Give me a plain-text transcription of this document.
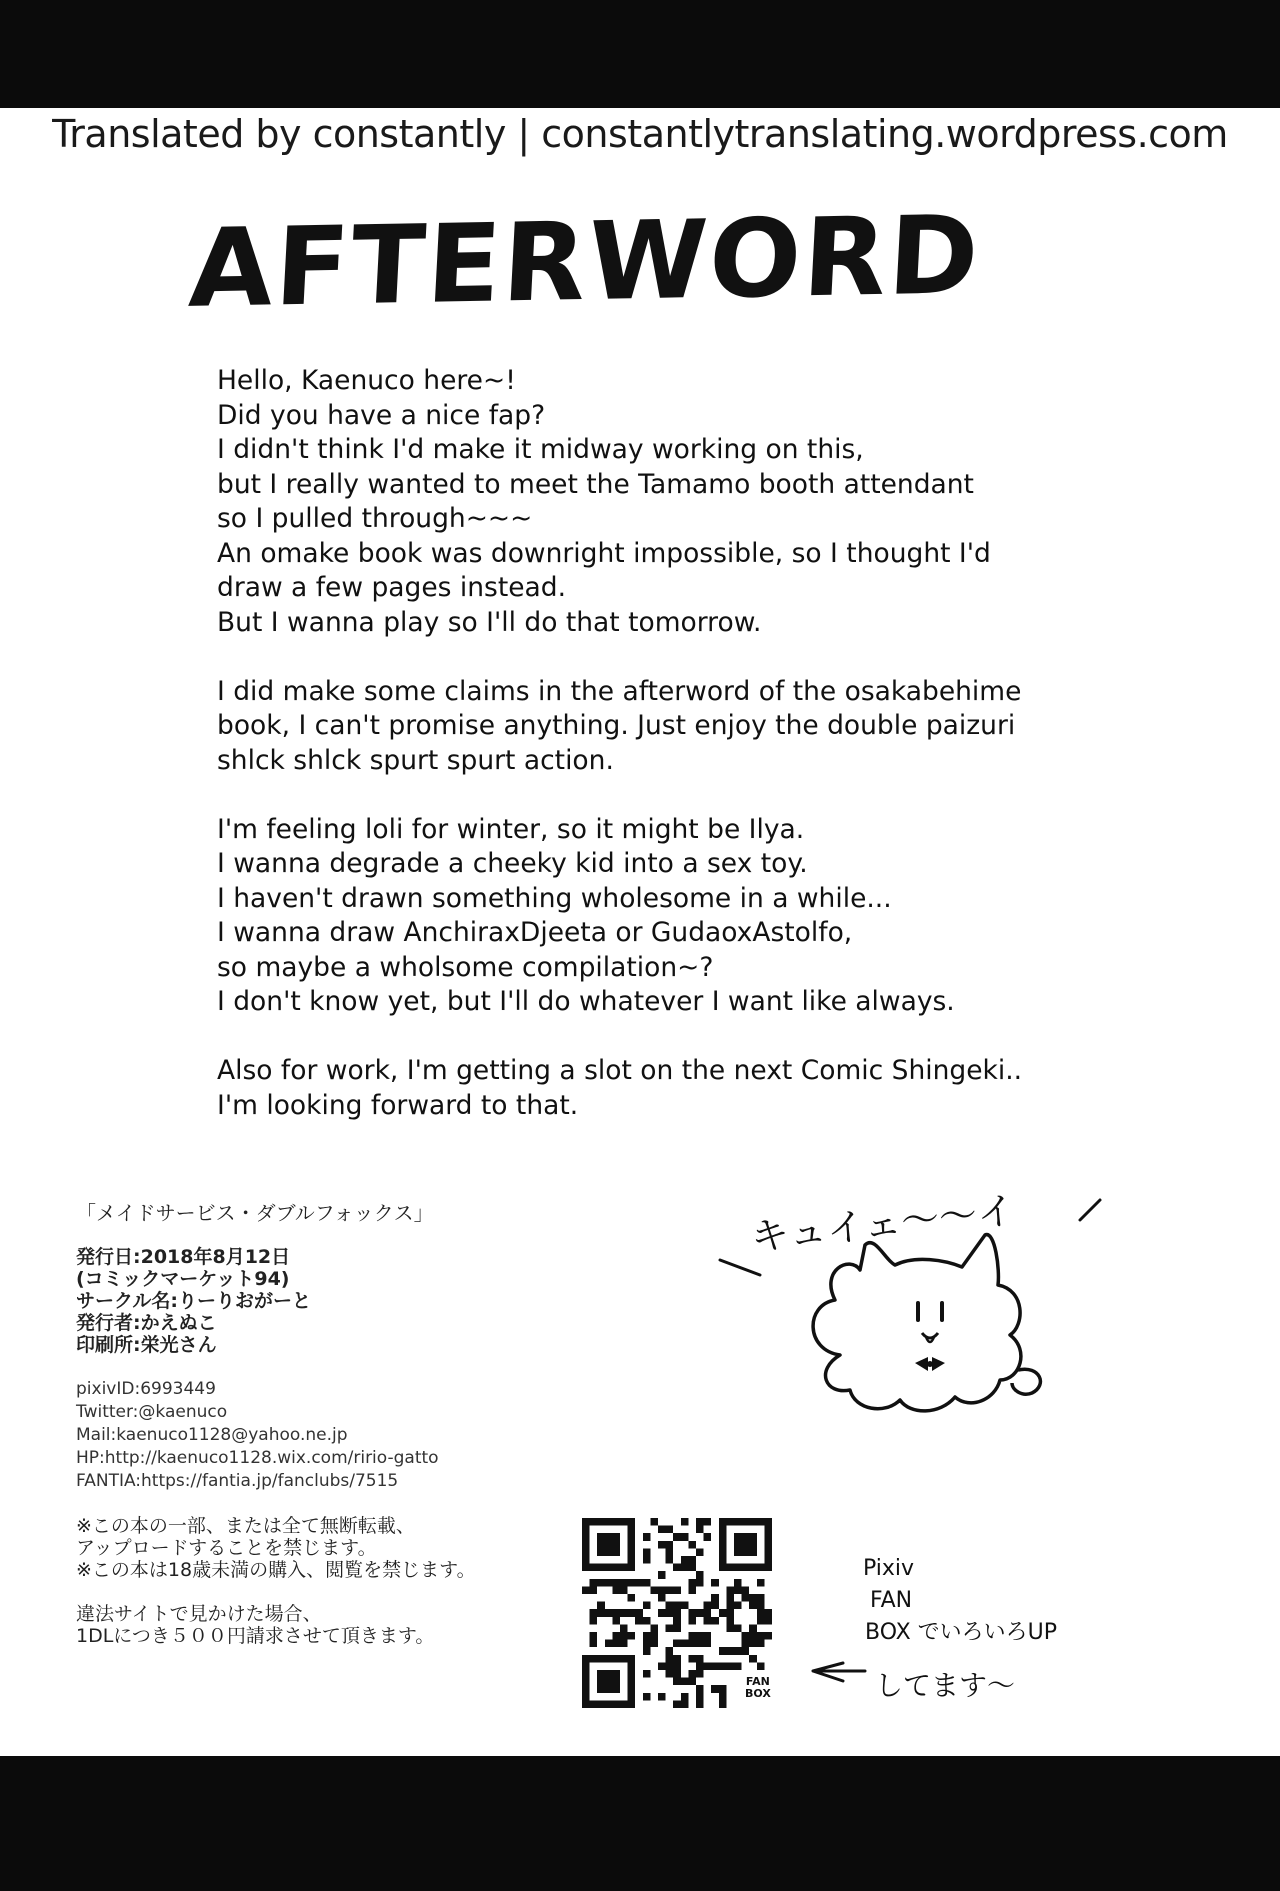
Translated by constantly | constantlytranslating.wordpress.com
AFTERWORD
Hello, Kaenuco here~!
Did you have a nice fap?
I didn't think I'd make it midway working on this,
but I really wanted to meet the Tamamo booth attendant
so I pulled through~~~
An omake book was downright impossible, so I thought I'd
draw a few pages instead.
But I wanna play so I'll do that tomorrow.
I did make some claims in the afterword of the osakabehime
book, I can't promise anything. Just enjoy the double paizuri
shlck shlck spurt spurt action.
I'm feeling loli for winter, so it might be Ilya.
I wanna degrade a cheeky kid into a sex toy.
I haven't drawn something wholesome in a while...
I wanna draw AnchiraxDjeeta or GudaoxAstolfo,
so maybe a wholsome compilation~?
I don't know yet, but I'll do whatever I want like always.
Also for work, I'm getting a slot on the next Comic Shingeki..
I'm looking forward to that.
「メイドサービス・ダブルフォックス」
発行日:2018年8月12日
(コミックマーケット94)
サークル名:りーりおがーと
発行者:かえぬこ
印刷所:栄光さん
pixivID:6993449
Twitter:@kaenuco
Mail:kaenuco1128@yahoo.ne.jp
HP:http://kaenuco1128.wix.com/ririo-gatto
FANTIA:https://fantia.jp/fanclubs/7515
※この本の一部、または全て無断転載、
アップロードすることを禁じます。
※この本は18歳未満の購入、閲覧を禁じます。
違法サイトで見かけた場合、
1DLにつき５００円請求させて頂きます。
キュイェ〜〜イ
FAN
BOX
Pixiv
FAN
BOX でいろいろUP
してます〜
